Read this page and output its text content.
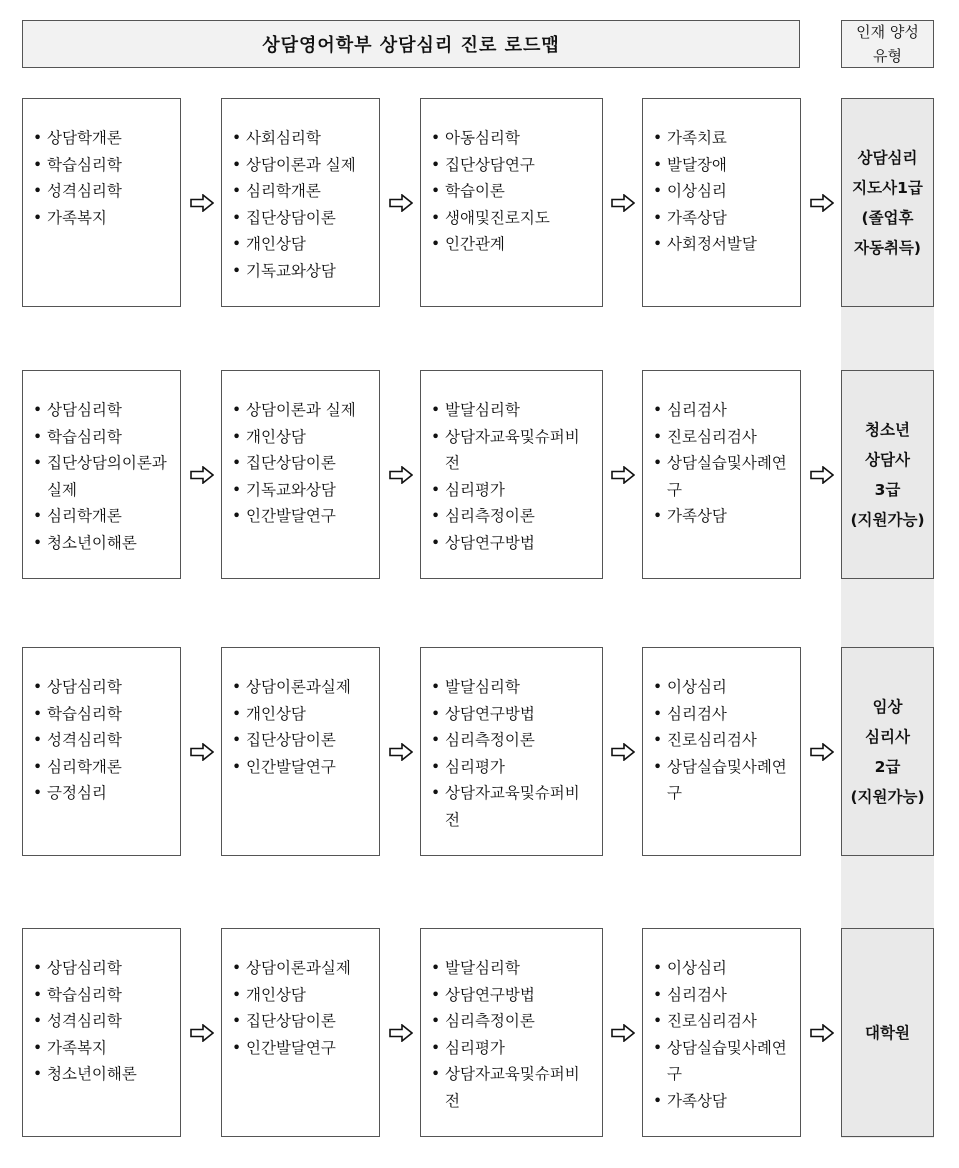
상담영어학부 상담심리 진로 로드맵
인재 양성
유형
• 상담학개론
• 학습심리학
• 성격심리학
• 가족복지
• 사회심리학
• 상담이론과 실제
• 심리학개론
• 집단상담이론
• 개인상담
• 기독교와상담
• 아동심리학
• 집단상담연구
• 학습이론
• 생애및진로지도
• 인간관계
• 가족치료
• 발달장애
• 이상심리
• 가족상담
• 사회정서발달
상담심리
지도사1급
(졸업후
자동취득)
• 상담심리학
• 학습심리학
• 집단상담의이론과실제
• 심리학개론
• 청소년이해론
• 상담이론과 실제
• 개인상담
• 집단상담이론
• 기독교와상담
• 인간발달연구
• 발달심리학
• 상담자교육및슈퍼비전
• 심리평가
• 심리측정이론
• 상담연구방법
• 심리검사
• 진로심리검사
• 상담실습및사례연구
• 가족상담
청소년
상담사
3급
(지원가능)
• 상담심리학
• 학습심리학
• 성격심리학
• 심리학개론
• 긍정심리
• 상담이론과실제
• 개인상담
• 집단상담이론
• 인간발달연구
• 발달심리학
• 상담연구방법
• 심리측정이론
• 심리평가
• 상담자교육및슈퍼비전
• 이상심리
• 심리검사
• 진로심리검사
• 상담실습및사례연구
임상
심리사
2급
(지원가능)
• 상담심리학
• 학습심리학
• 성격심리학
• 가족복지
• 청소년이해론
• 상담이론과실제
• 개인상담
• 집단상담이론
• 인간발달연구
• 발달심리학
• 상담연구방법
• 심리측정이론
• 심리평가
• 상담자교육및슈퍼비전
• 이상심리
• 심리검사
• 진로심리검사
• 상담실습및사례연구
• 가족상담
대학원
